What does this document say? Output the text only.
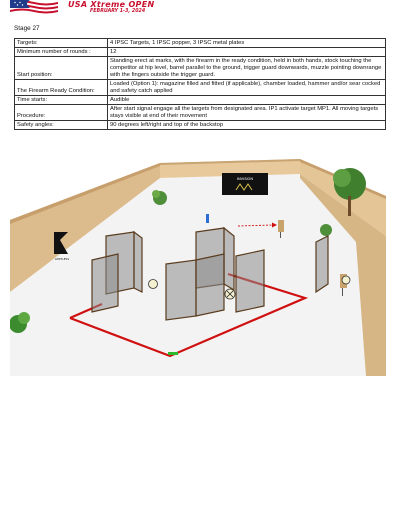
USA Xtreme OPEN
FEBRUARY 1-3, 2024
Stage 27
Targets:	4 IPSC Targets, 1 IPSC popper, 3 IPSC metal plates
Minimum number of rounds :	12
Start position:	Standing erect at marks, with the firearm in the ready condition, held in both hands, stock touching the competitor at hip level, barrel parallel to the ground, trigger guard downwards, muzzle pointing downrange with the fingers outside the trigger guard.
The Firearm Ready Condition:	Loaded (Option 1): magazine filled and fitted (if applicable), chamber loaded, hammer and/or sear cocked and safety catch applied
Time starts:	Audible
Procedure:	After start signal engage all the targets from designated area. IP1 activate target MP1. All moving targets stays visible at end of their movement
Safety angles:	90 degrees left/right and top of the backstop
INVISION
LIMITLESS
